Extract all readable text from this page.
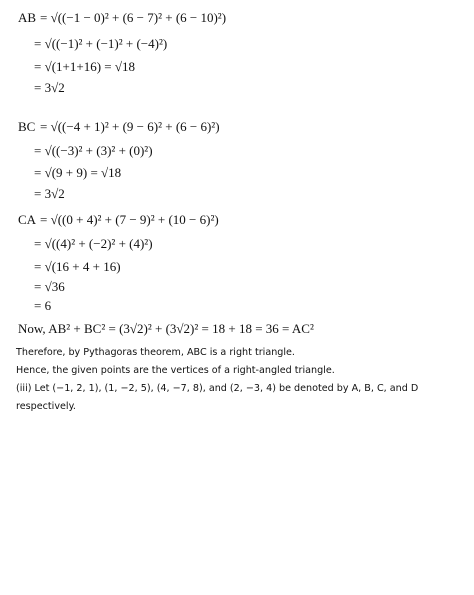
AB = √((−1 − 0)² + (6 − 7)² + (6 − 10)²)
= √((−1)² + (−1)² + (−4)²)
= √(1+1+16) = √18
= 3√2
BC = √((−4 + 1)² + (9 − 6)² + (6 − 6)²)
= √((−3)² + (3)² + (0)²)
= √(9 + 9) = √18
= 3√2
CA = √((0 + 4)² + (7 − 9)² + (10 − 6)²)
= √((4)² + (−2)² + (4)²)
= √(16 + 4 + 16)
= √36
= 6
Now, AB² + BC² = (3√2)² + (3√2)² = 18 + 18 = 36 = AC²
Therefore, by Pythagoras theorem, ABC is a right triangle.
Hence, the given points are the vertices of a right-angled triangle.
(iii) Let (−1, 2, 1), (1, −2, 5), (4, −7, 8), and (2, −3, 4) be denoted by A, B, C, and D
respectively.
